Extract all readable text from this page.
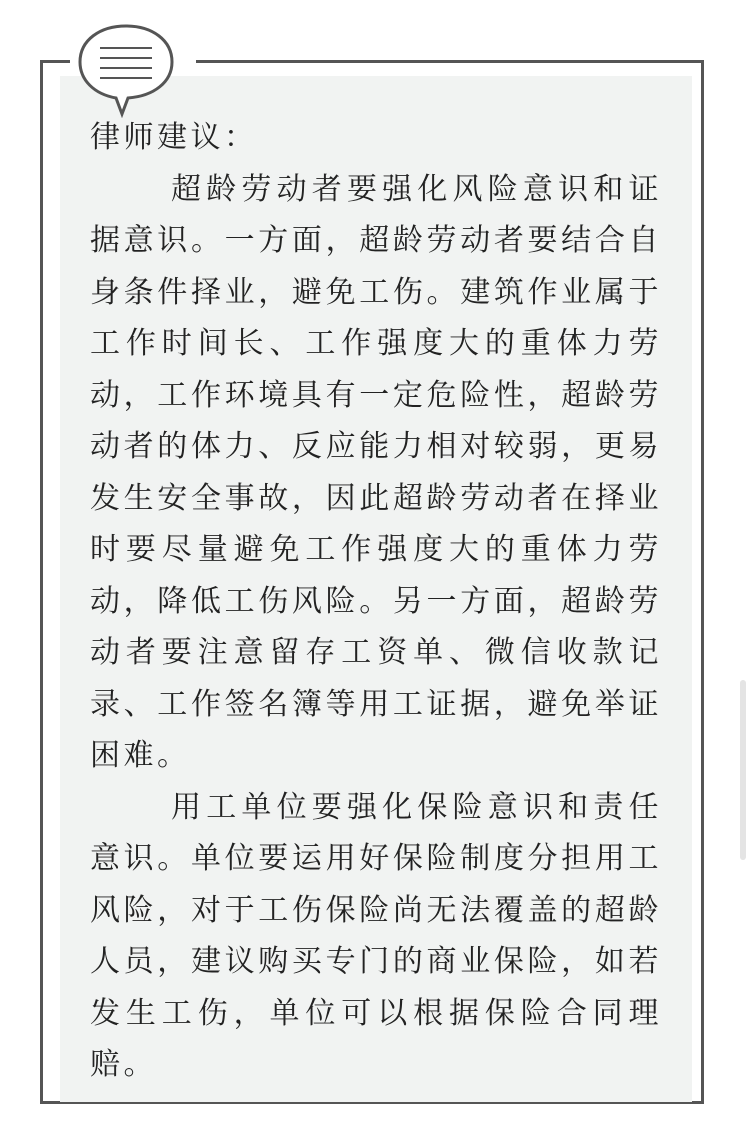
律师建议：

超龄劳动者要强化风险意识和证据意识。一方面，超龄劳动者要结合自身条件择业，避免工伤。建筑作业属于工作时间长、工作强度大的重体力劳动，工作环境具有一定危险性，超龄劳动者的体力、反应能力相对较弱，更易发生安全事故，因此超龄劳动者在择业时要尽量避免工作强度大的重体力劳动，降低工伤风险。另一方面，超龄劳动者要注意留存工资单、微信收款记录、工作签名簿等用工证据，避免举证困难。

用工单位要强化保险意识和责任意识。单位要运用好保险制度分担用工风险，对于工伤保险尚无法覆盖的超龄人员，建议购买专门的商业保险，如若发生工伤，单位可以根据保险合同理赔。
